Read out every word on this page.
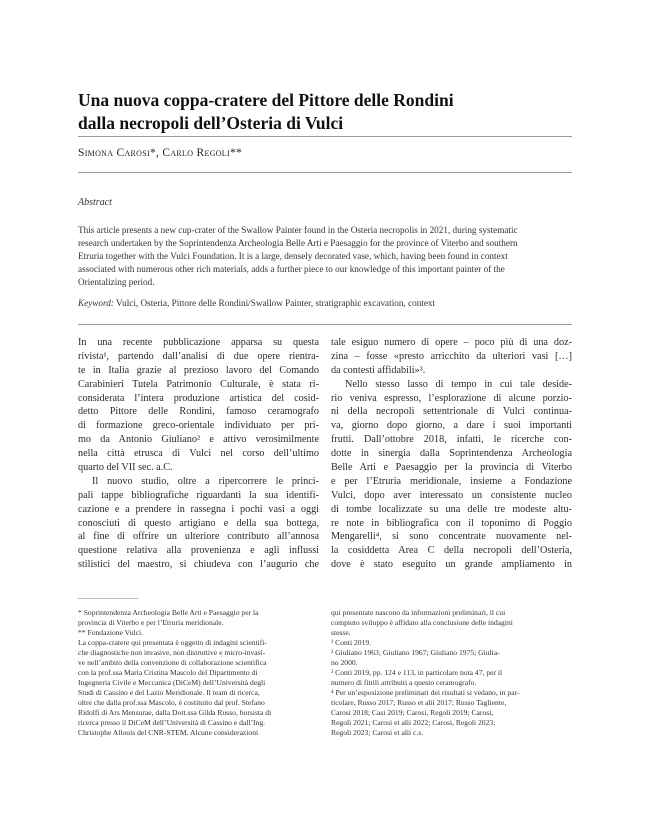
Una nuova coppa-cratere del Pittore delle Rondini
dalla necropoli dell’Osteria di Vulci
Simona Carosi*, Carlo Regoli**
Abstract
This article presents a new cup-crater of the Swallow Painter found in the Osteria necropolis in 2021, during systematic
research undertaken by the Soprintendenza Archeologia Belle Arti e Paesaggio for the province of Viterbo and southern
Etruria together with the Vulci Foundation. It is a large, densely decorated vase, which, having been found in context
associated with numerous other rich materials, adds a further piece to our knowledge of this important painter of the
Orientalizing period.
Keyword: Vulci, Osteria, Pittore delle Rondini/Swallow Painter, stratigraphic excavation, context
In una recente pubblicazione apparsa su questa
rivista¹, partendo dall’analisi di due opere rientra-
te in Italia grazie al prezioso lavoro del Comando
Carabinieri Tutela Patrimonio Culturale, è stata ri-
considerata l’intera produzione artistica del cosid-
detto Pittore delle Rondini, famoso ceramografo
di formazione greco-orientale individuato per pri-
mo da Antonio Giuliano² e attivo verosimilmente
nella città etrusca di Vulci nel corso dell’ultimo
quarto del VII sec. a.C.
Il nuovo studio, oltre a ripercorrere le princi-
pali tappe bibliografiche riguardanti la sua identifi-
cazione e a prendere in rassegna i pochi vasi a oggi
conosciuti di questo artigiano e della sua bottega,
al fine di offrire un ulteriore contributo all’annosa
questione relativa alla provenienza e agli influssi
stilistici del maestro, si chiudeva con l’augurio che
tale esiguo numero di opere – poco più di una doz-
zina – fosse «presto arricchito da ulteriori vasi […]
da contesti affidabili»³.
Nello stesso lasso di tempo in cui tale deside-
rio veniva espresso, l’esplorazione di alcune porzio-
ni della necropoli settentrionale di Vulci continua-
va, giorno dopo giorno, a dare i suoi importanti
frutti. Dall’ottobre 2018, infatti, le ricerche con-
dotte in sinergia dalla Soprintendenza Archeologia
Belle Arti e Paesaggio per la provincia di Viterbo
e per l’Etruria meridionale, insieme a Fondazione
Vulci, dopo aver interessato un consistente nucleo
di tombe localizzate su una delle tre modeste altu-
re note in bibliografica con il toponimo di Poggio
Mengarelli⁴, si sono concentrate nuovamente nel-
la cosiddetta Area C della necropoli dell’Osteria,
dove è stato eseguito un grande ampliamento in
* Soprintendenza Archeologia Belle Arti e Paesaggio per la
provincia di Viterbo e per l’Etruria meridionale.
** Fondazione Vulci.
La coppa-cratere qui presentata è oggetto di indagini scientifi-
che diagnostiche non invasive, non distruttive e micro-invasi-
ve nell’ambito della convenzione di collaborazione scientifica
con la prof.ssa Maria Cristina Mascolo del Dipartimento di
Ingegneria Civile e Meccanica (DiCeM) dell’Università degli
Studi di Cassino e del Lazio Meridionale. Il team di ricerca,
oltre che dalla prof.ssa Mascolo, è costituito dal prof. Stefano
Ridolfi di Ars Mensurae, dalla Dott.ssa Gilda Russo, borsista di
ricerca presso il DiCeM dell’Università di Cassino e dall’Ing.
Christophe Allouis del CNR-STEM. Alcune considerazioni
qui presentate nascono da informazioni preliminari, il cui
compiuto sviluppo è affidato alla conclusione delle indagini
stesse.
¹ Conti 2019.
² Giuliano 1963; Giuliano 1967; Giuliano 1975; Giulia-
no 2000.
³ Conti 2019, pp. 124 e 113, in particolare nota 47, per il
numero di fittili attribuiti a questo ceramografo.
⁴ Per un’esposizione preliminari dei risultati si vedano, in par-
ticolare, Russo 2017; Russo et alii 2017; Russo Tagliente,
Carosi 2018; Casi 2019; Carosi, Regoli 2019; Carosi,
Regoli 2021; Carosi et alii 2022; Carosi, Regoli 2023;
Regoli 2023; Carosi et alii c.s.
